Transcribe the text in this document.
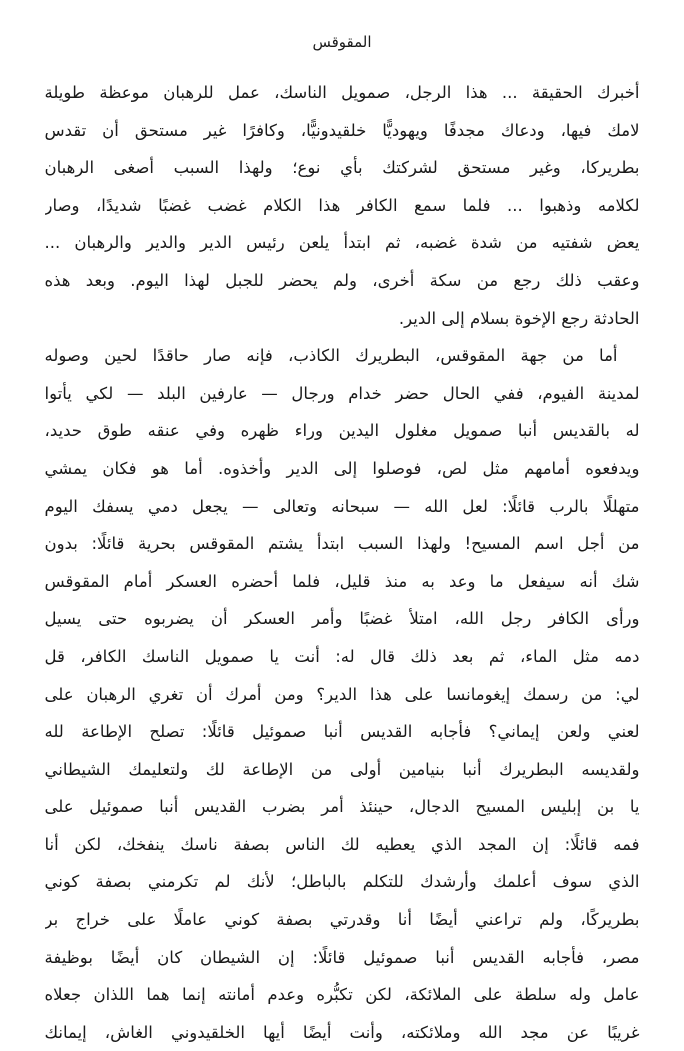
المقوقس
أخبرك الحقيقة ... هذا الرجل، صمويل الناسك، عمل للرهبان موعظة طويلة
لامك فيها، ودعاك مجدفًا ويهوديًّا خلقيدونيًّا، وكافرًا غير مستحق أن تقدس
بطريركا، وغير مستحق لشركتك بأي نوع؛ ولهذا السبب أصغى الرهبان
لكلامه وذهبوا ... فلما سمع الكافر هذا الكلام غضب غضبًا شديدًا، وصار
يعض شفتيه من شدة غضبه، ثم ابتدأ يلعن رئيس الدير والدير والرهبان ...
وعقب ذلك رجع من سكة أخرى، ولم يحضر للجبل لهذا اليوم. وبعد هذه
الحادثة رجع الإخوة بسلام إلى الدير.
أما من جهة المقوقس، البطريرك الكاذب، فإنه صار حاقدًا لحين وصوله
لمدينة الفيوم، ففي الحال حضر خدام ورجال — عارفين البلد — لكي يأتوا
له بالقديس أنبا صمويل مغلول اليدين وراء ظهره وفي عنقه طوق حديد،
ويدفعوه أمامهم مثل لص، فوصلوا إلى الدير وأخذوه. أما هو فكان يمشي
متهللًا بالرب قائلًا: لعل الله — سبحانه وتعالى — يجعل دمي يسفك اليوم
من أجل اسم المسيح! ولهذا السبب ابتدأ يشتم المقوقس بحرية قائلًا: بدون
شك أنه سيفعل ما وعد به منذ قليل، فلما أحضره العسكر أمام المقوقس
ورأى الكافر رجل الله، امتلأ غضبًا وأمر العسكر أن يضربوه حتى يسيل
دمه مثل الماء، ثم بعد ذلك قال له: أنت يا صمويل الناسك الكافر، قل
لي: من رسمك إيغومانسا على هذا الدير؟ ومن أمرك أن تغري الرهبان على
لعني ولعن إيماني؟ فأجابه القديس أنبا صموئيل قائلًا: تصلح الإطاعة لله
ولقديسه البطريرك أنبا بنيامين أولى من الإطاعة لك ولتعليمك الشيطاني
يا بن إبليس المسيح الدجال، حينئذ أمر بضرب القديس أنبا صموئيل على
فمه قائلًا: إن المجد الذي يعطيه لك الناس بصفة ناسك ينفخك، لكن أنا
الذي سوف أعلمك وأرشدك للتكلم بالباطل؛ لأنك لم تكرمني بصفة كوني
بطريركًا، ولم تراعني أيضًا أنا وقدرتي بصفة كوني عاملًا على خراج بر
مصر، فأجابه القديس أنبا صموئيل قائلًا: إن الشيطان كان أيضًا بوظيفة
عامل وله سلطة على الملائكة، لكن تكبُّره وعدم أمانته إنما هما اللذان جعلاه
غريبًا عن مجد الله وملائكته، وأنت أيضًا أيها الخلقيدوني الغاش، إيمانك
